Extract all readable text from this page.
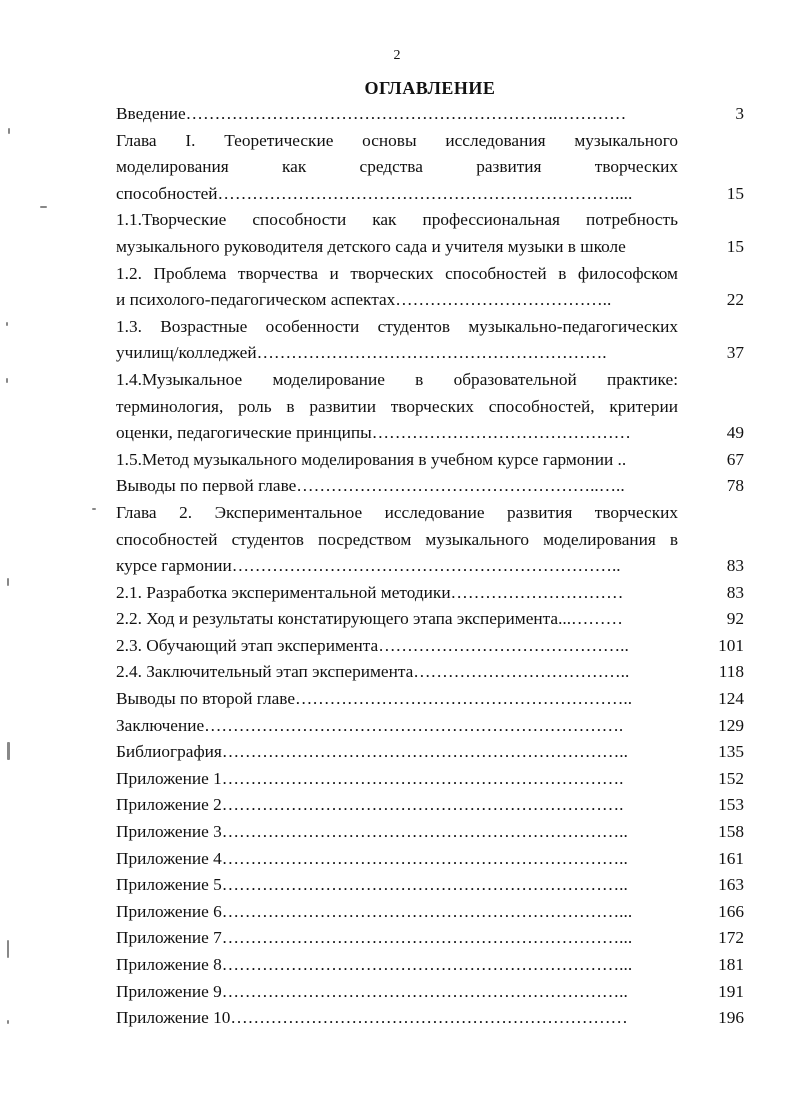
2
ОГЛАВЛЕНИЕ
Введение………………………………………………………..…………	3
Глава I. Теоретические основы исследования музыкального
моделирования как средства развития творческих
способностей……………………………………………………………....	15
1.1.Творческие способности как профессиональная потребность
музыкального руководителя детского сада и учителя музыки в школе	15
1.2. Проблема творчества и творческих способностей в философском
и психолого-педагогическом аспектах………………………………..	22
1.3. Возрастные особенности студентов музыкально-педагогических
училищ/колледжей…………………………………………………….	37
1.4.Музыкальное моделирование в образовательной практике:
терминология, роль в развитии творческих способностей, критерии
оценки, педагогические принципы………………………………………	49
1.5.Метод музыкального моделирования в учебном курсе гармонии ..	67
Выводы по первой главе……………………………………………..…..	78
Глава 2. Экспериментальное исследование развития творческих
способностей студентов посредством музыкального моделирования в
курсе гармонии…………………………………………………………..	83
2.1. Разработка экспериментальной методики…………………………	83
2.2. Ход и результаты констатирующего этапа эксперимента...………	92
2.3. Обучающий этап эксперимента……………………………………..	101
2.4. Заключительный этап эксперимента………………………………..	118
Выводы по второй главе…………………………………………………..	124
Заключение……………………………………………………………….	129
Библиография……………………………………………………………..	135
Приложение 1…………………………………………………………….	152
Приложение 2…………………………………………………………….	153
Приложение 3……………………………………………………………..	158
Приложение 4……………………………………………………………..	161
Приложение 5……………………………………………………………..	163
Приложение 6……………………………………………………………...	166
Приложение 7……………………………………………………………...	172
Приложение 8……………………………………………………………...	181
Приложение 9……………………………………………………………..	191
Приложение 10……………………………………………………………	196
